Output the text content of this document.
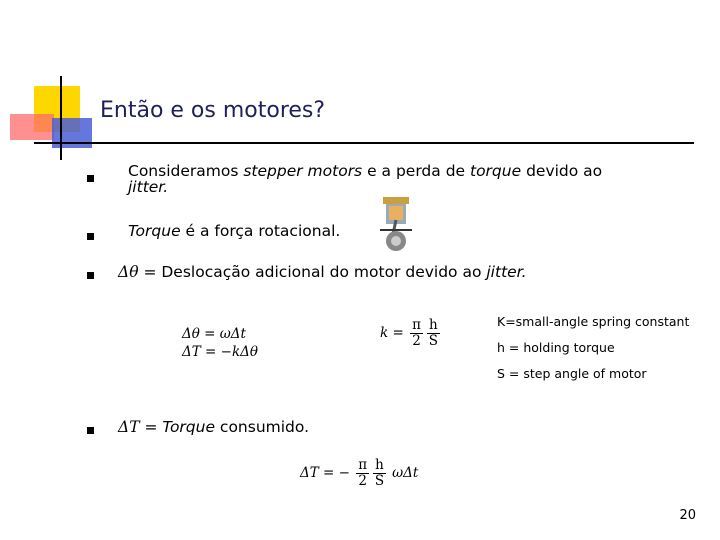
Então e os motores?
Consideramos stepper motors e a perda de torque devido ao
jitter.
Torque é a força rotacional.
Δθ = Deslocação adicional do motor devido ao jitter.
Δθ = ωΔt
ΔT = −kΔθ
$k = \frac{\pi}{2} \frac{h}{S}$	K=small-angle spring constant
h = holding torque
S = step angle of motor
ΔT = Torque consumido.
ΔT = − $\frac{\pi}{2} \frac{h}{S}$ ωΔt
20
